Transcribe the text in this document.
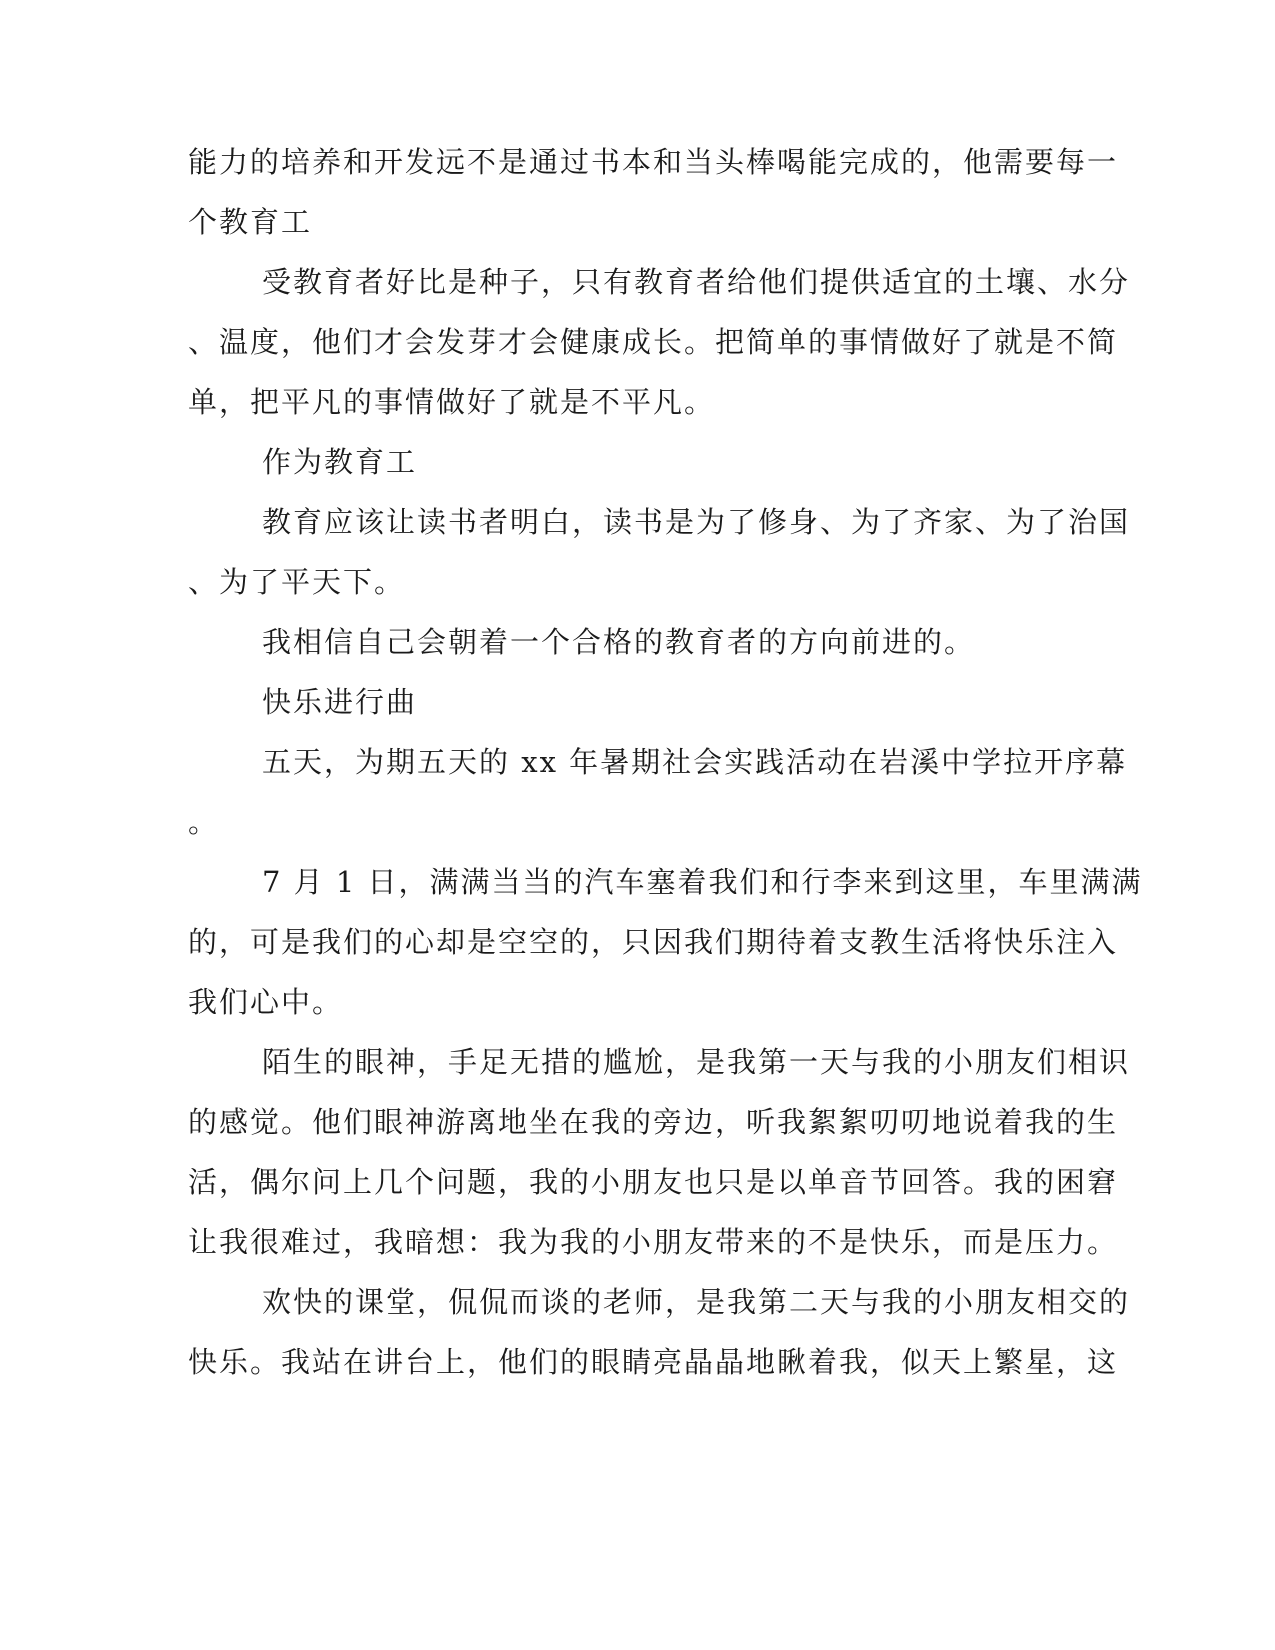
能力的培养和开发远不是通过书本和当头棒喝能完成的，他需要每一
个教育工
受教育者好比是种子，只有教育者给他们提供适宜的土壤、水分
、温度，他们才会发芽才会健康成长。把简单的事情做好了就是不简
单，把平凡的事情做好了就是不平凡。
作为教育工
教育应该让读书者明白，读书是为了修身、为了齐家、为了治国
、为了平天下。
我相信自己会朝着一个合格的教育者的方向前进的。
快乐进行曲
五天，为期五天的 xx 年暑期社会实践活动在岩溪中学拉开序幕
。
7 月 1 日，满满当当的汽车塞着我们和行李来到这里，车里满满
的，可是我们的心却是空空的，只因我们期待着支教生活将快乐注入
我们心中。
陌生的眼神，手足无措的尴尬，是我第一天与我的小朋友们相识
的感觉。他们眼神游离地坐在我的旁边，听我絮絮叨叨地说着我的生
活，偶尔问上几个问题，我的小朋友也只是以单音节回答。我的困窘
让我很难过，我暗想：我为我的小朋友带来的不是快乐，而是压力。
欢快的课堂，侃侃而谈的老师，是我第二天与我的小朋友相交的
快乐。我站在讲台上，他们的眼睛亮晶晶地瞅着我，似天上繁星，这
